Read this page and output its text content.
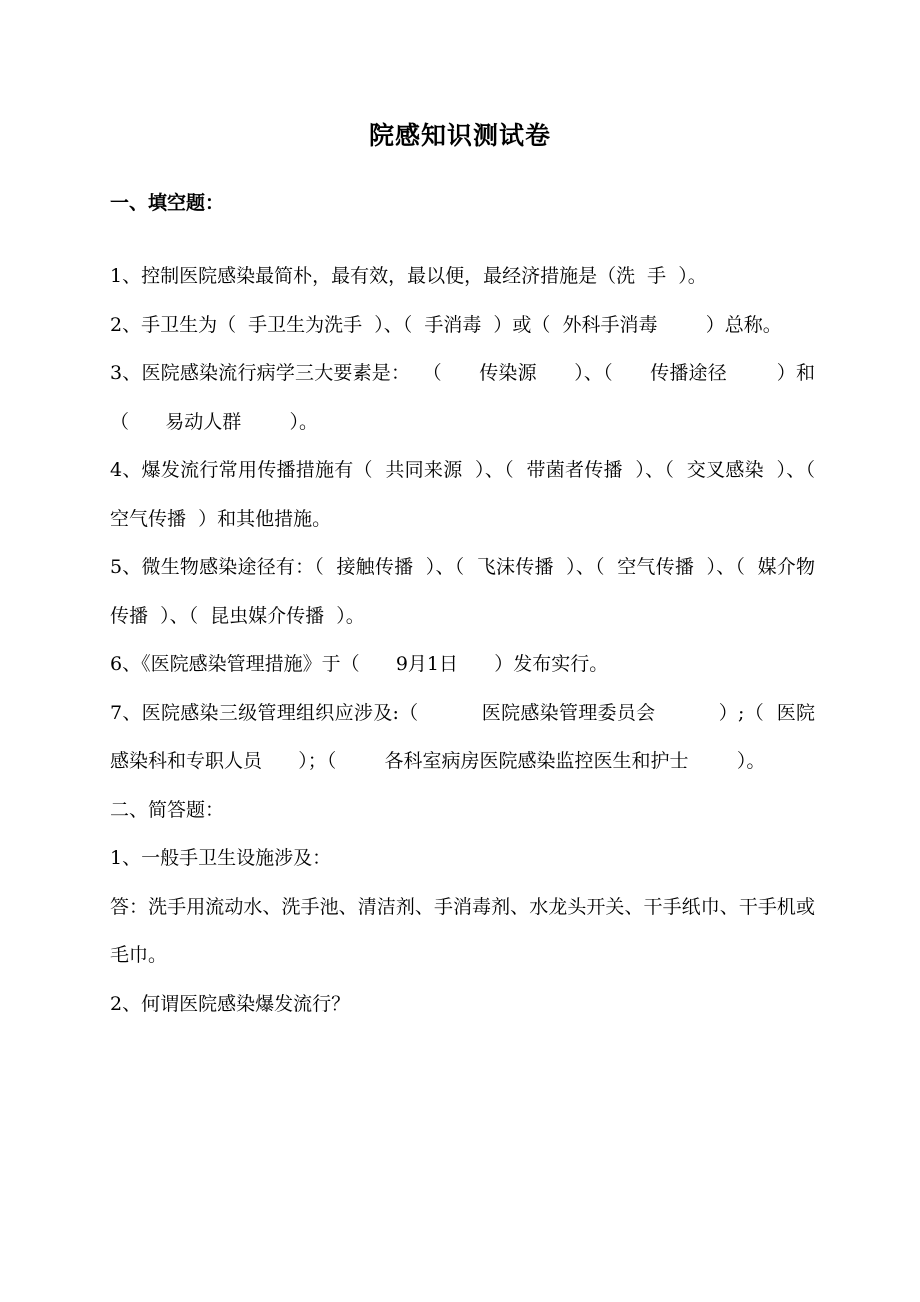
院感知识测试卷
一、填空题：

1、控制医院感染最简朴，最有效，最以便，最经济措施是（洗  手  ）。

2、手卫生为（  手卫生为洗手  ）、（  手消毒  ）或（  外科手消毒        ）总称。

3、医院感染流行病学三大要素是：  （      传染源      ）、（      传播途径        ）和（      易动人群        ）。

4、爆发流行常用传播措施有（  共同来源  ）、（  带菌者传播  ）、（  交叉感染  ）、（  空气传播  ）和其他措施。

5、微生物感染途径有：（  接触传播  ）、（  飞沫传播  ）、（  空气传播  ）、（  媒介物传播  ）、（  昆虫媒介传播  ）。

6、《医院感染管理措施》于（      9月1日      ）发布实行。

7、医院感染三级管理组织应涉及:（          医院感染管理委员会          ）;（  医院感染科和专职人员      ）；（        各科室病房医院感染监控医生和护士        ）。

二、简答题：

1、一般手卫生设施涉及：

答：洗手用流动水、洗手池、清洁剂、手消毒剂、水龙头开关、干手纸巾、干手机或毛巾。

2、何谓医院感染爆发流行？
